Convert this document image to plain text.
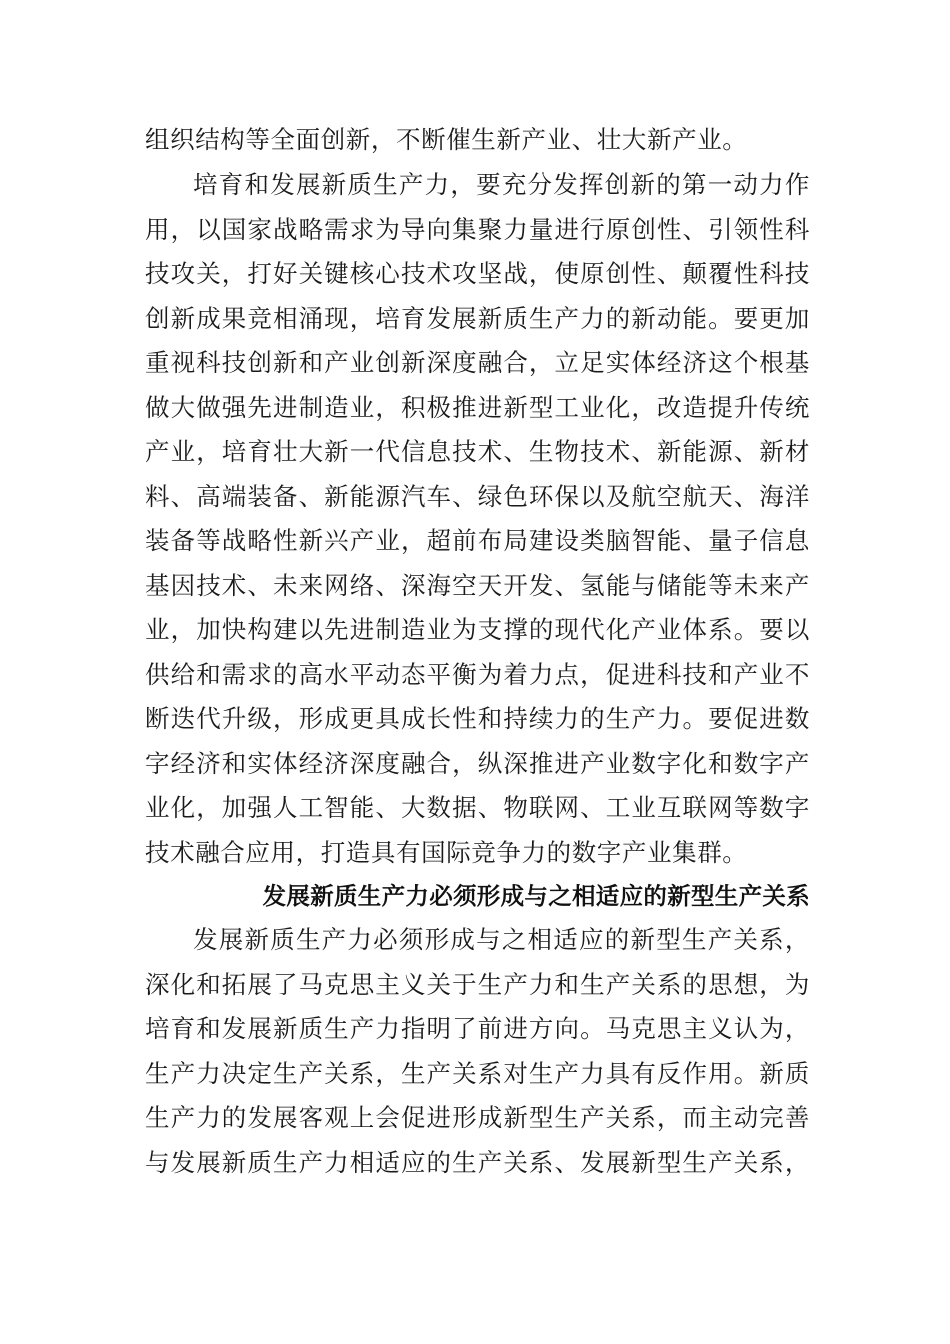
组织结构等全面创新，不断催生新产业、壮大新产业。
培育和发展新质生产力，要充分发挥创新的第一动力作
用，以国家战略需求为导向集聚力量进行原创性、引领性科
技攻关，打好关键核心技术攻坚战，使原创性、颠覆性科技
创新成果竞相涌现，培育发展新质生产力的新动能。要更加
重视科技创新和产业创新深度融合，立足实体经济这个根基
做大做强先进制造业，积极推进新型工业化，改造提升传统
产业，培育壮大新一代信息技术、生物技术、新能源、新材
料、高端装备、新能源汽车、绿色环保以及航空航天、海洋
装备等战略性新兴产业，超前布局建设类脑智能、量子信息
基因技术、未来网络、深海空天开发、氢能与储能等未来产
业，加快构建以先进制造业为支撑的现代化产业体系。要以
供给和需求的高水平动态平衡为着力点，促进科技和产业不
断迭代升级，形成更具成长性和持续力的生产力。要促进数
字经济和实体经济深度融合，纵深推进产业数字化和数字产
业化，加强人工智能、大数据、物联网、工业互联网等数字
技术融合应用，打造具有国际竞争力的数字产业集群。
发展新质生产力必须形成与之相适应的新型生产关系
发展新质生产力必须形成与之相适应的新型生产关系，
深化和拓展了马克思主义关于生产力和生产关系的思想，为
培育和发展新质生产力指明了前进方向。马克思主义认为，
生产力决定生产关系，生产关系对生产力具有反作用。新质
生产力的发展客观上会促进形成新型生产关系，而主动完善
与发展新质生产力相适应的生产关系、发展新型生产关系，
